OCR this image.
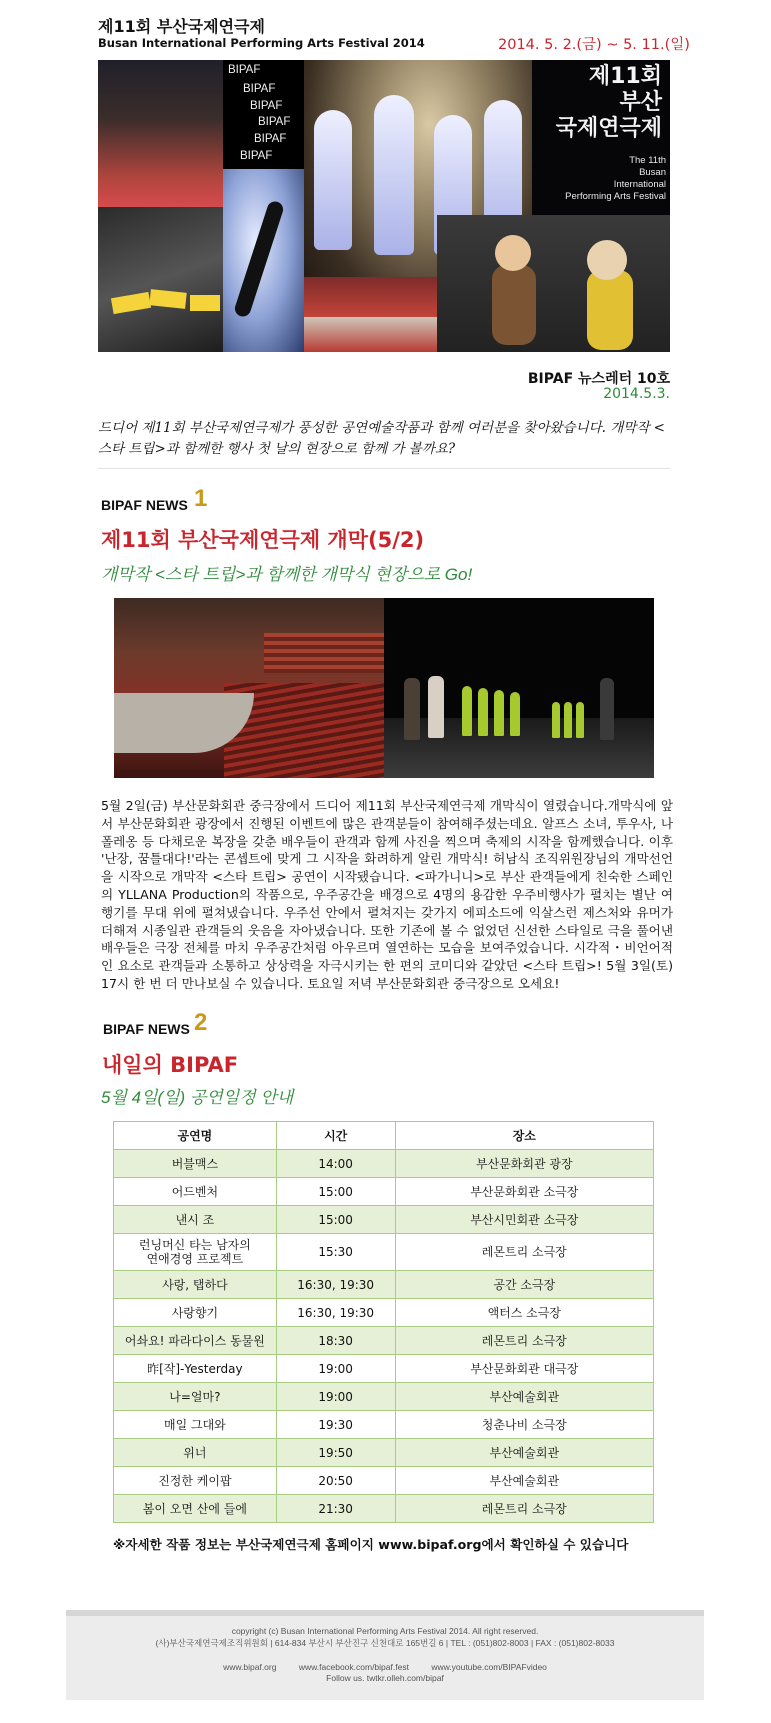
제11회 부산국제연극제
Busan International Performing Arts Festival 2014	2014. 5. 2.(금) ~ 5. 11.(일)
BIPAF
BIPAF
BIPAF
BIPAF
BIPAF
BIPAF
제11회
부산
국제연극제
The 11th
Busan
International
Performing Arts Festival
BIPAF 뉴스레터 10호
2014.5.3.
드디어 제11회 부산국제연극제가 풍성한 공연예술작품과 함께 여러분을 찾아왔습니다. 개막작 <스타 트립>과 함께한 행사 첫 날의 현장으로 함께 가 볼까요?
BIPAF NEWS 1
제11회 부산국제연극제 개막(5/2)
개막작 <스타 트립>과 함께한 개막식 현장으로 Go!
5월 2일(금) 부산문화회관 중극장에서 드디어 제11회 부산국제연극제 개막식이 열렸습니다.개막식에 앞서 부산문화회관 광장에서 진행된 이벤트에 많은 관객분들이 참여해주셨는데요. 알프스 소녀, 투우사, 나폴레옹 등 다채로운 복장을 갖춘 배우들이 관객과 함께 사진을 찍으며 축제의 시작을 함께했습니다. 이후 '난장, 꿈틀대다!'라는 콘셉트에 맞게 그 시작을 화려하게 알린 개막식! 허남식 조직위원장님의 개막선언을 시작으로 개막작 <스타 트립> 공연이 시작됐습니다. <파가니니>로 부산 관객들에게 친숙한 스페인의 YLLANA Production의 작품으로, 우주공간을 배경으로 4명의 용감한 우주비행사가 펼치는 별난 여행기를 무대 위에 펼쳐냈습니다. 우주선 안에서 펼쳐지는 갖가지 에피소드에 익살스런 제스처와 유머가 더해져 시종일관 관객들의 웃음을 자아냈습니다. 또한 기존에 볼 수 없었던 신선한 스타일로 극을 풀어낸 배우들은 극장 전체를 마치 우주공간처럼 아우르며 열연하는 모습을 보여주었습니다. 시각적・비언어적인 요소로 관객들과 소통하고 상상력을 자극시키는 한 편의 코미디와 같았던 <스타 트립>! 5월 3일(토) 17시 한 번 더 만나보실 수 있습니다. 토요일 저녁 부산문화회관 중극장으로 오세요!
BIPAF NEWS 2
내일의 BIPAF
5월 4일(일) 공연일정 안내
공연명	시간	장소
버블맥스	14:00	부산문화회관 광장
어드벤처	15:00	부산문화회관 소극장
낸시 조	15:00	부산시민회관 소극장
런닝머신 타는 남자의
연애경영 프로젝트	15:30	레몬트리 소극장
사랑, 탭하다	16:30, 19:30	공간 소극장
사랑향기	16:30, 19:30	액터스 소극장
어솨요! 파라다이스 동물원	18:30	레몬트리 소극장
昨[작]-Yesterday	19:00	부산문화회관 대극장
나=얼마?	19:00	부산예술회관
매일 그대와	19:30	청춘나비 소극장
위너	19:50	부산예술회관
진정한 케이팝	20:50	부산예술회관
봄이 오면 산에 들에	21:30	레몬트리 소극장
※자세한 작품 정보는 부산국제연극제 홈페이지 www.bipaf.org에서 확인하실 수 있습니다
copyright (c) Busan International Performing Arts Festival 2014. All right reserved.
(사)부산국제연극제조직위원회 | 614-834 부산시 부산진구 신천대로 165번길 6 | TEL : (051)802-8003 | FAX : (051)802-8033
www.bipaf.org	www.facebook.com/bipaf.fest	www.youtube.com/BIPAFvideo
Follow us. twtkr.olleh.com/bipaf
